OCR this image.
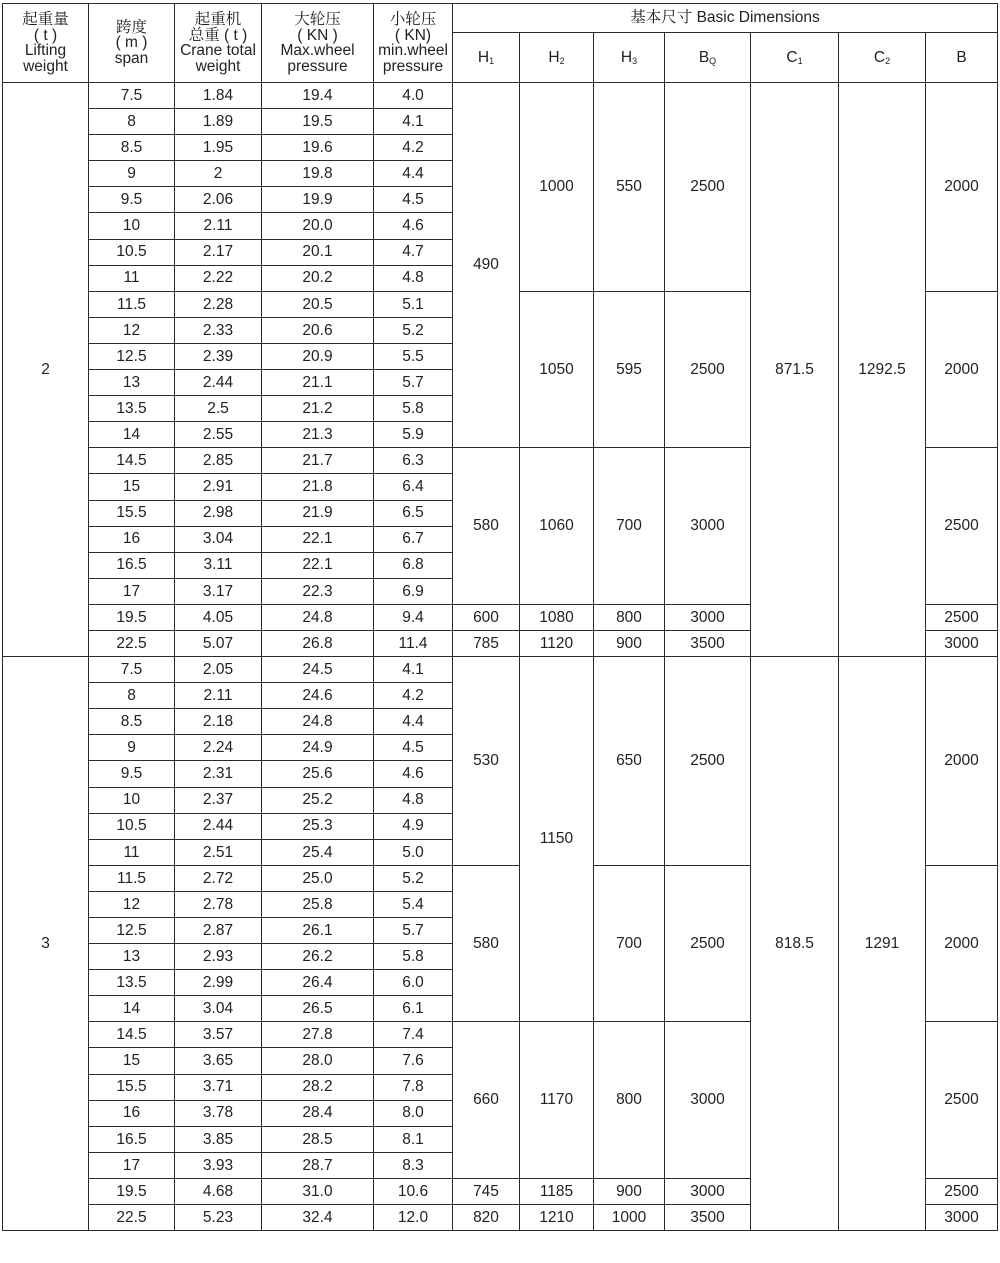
起重量
( t )
Lifting
weight	跨度
( m )
span	起重机
总重 ( t )
Crane total
weight	大轮压
( KN )
Max.wheel
pressure	小轮压
( KN)
min.wheel
pressure	基本尺寸 Basic Dimensions						
					$H_1$	$H_2$	$H_3$	$B_Q$	$C_1$	$C_2$	B
2	7.5	1.84	19.4	4.0	490	1000	550	2500	871.5	1292.5	2000
	8	1.89	19.5	4.1							
	8.5	1.95	19.6	4.2							
	9	2	19.8	4.4							
	9.5	2.06	19.9	4.5							
	10	2.11	20.0	4.6							
	10.5	2.17	20.1	4.7							
	11	2.22	20.2	4.8							
	11.5	2.28	20.5	5.1		1050	595	2500			2000
	12	2.33	20.6	5.2							
	12.5	2.39	20.9	5.5							
	13	2.44	21.1	5.7							
	13.5	2.5	21.2	5.8							
	14	2.55	21.3	5.9							
	14.5	2.85	21.7	6.3	580	1060	700	3000			2500
	15	2.91	21.8	6.4							
	15.5	2.98	21.9	6.5							
	16	3.04	22.1	6.7							
	16.5	3.11	22.1	6.8							
	17	3.17	22.3	6.9							
	19.5	4.05	24.8	9.4	600	1080	800	3000			2500
	22.5	5.07	26.8	11.4	785	1120	900	3500			3000
3	7.5	2.05	24.5	4.1	530	1150	650	2500	818.5	1291	2000
	8	2.11	24.6	4.2							
	8.5	2.18	24.8	4.4							
	9	2.24	24.9	4.5							
	9.5	2.31	25.6	4.6							
	10	2.37	25.2	4.8							
	10.5	2.44	25.3	4.9							
	11	2.51	25.4	5.0							
	11.5	2.72	25.0	5.2	580		700	2500			2000
	12	2.78	25.8	5.4							
	12.5	2.87	26.1	5.7							
	13	2.93	26.2	5.8							
	13.5	2.99	26.4	6.0							
	14	3.04	26.5	6.1							
	14.5	3.57	27.8	7.4	660	1170	800	3000			2500
	15	3.65	28.0	7.6							
	15.5	3.71	28.2	7.8							
	16	3.78	28.4	8.0							
	16.5	3.85	28.5	8.1							
	17	3.93	28.7	8.3							
	19.5	4.68	31.0	10.6	745	1185	900	3000			2500
	22.5	5.23	32.4	12.0	820	1210	1000	3500			3000
